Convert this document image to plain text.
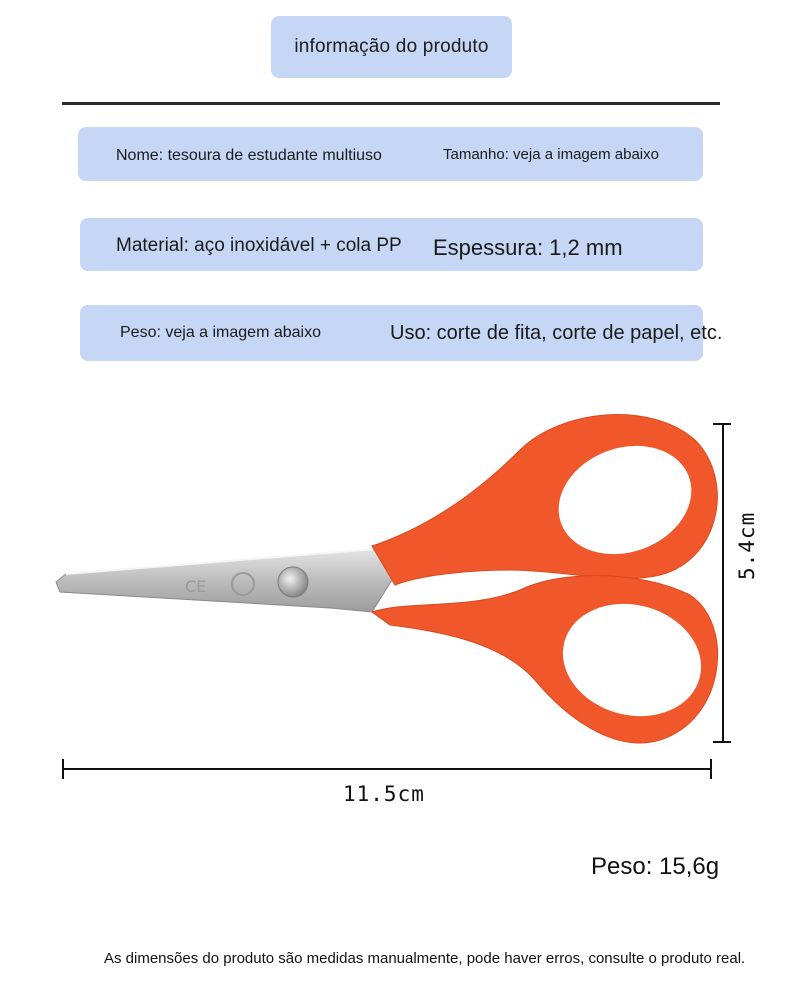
informação do produto
Nome: tesoura de estudante multiuso	Tamanho: veja a imagem abaixo
Material: aço inoxidável + cola PP Espessura: 1,2 mm
Peso: veja a imagem abaixo	Uso: corte de fita, corte de papel, etc.
CE
11.5cm
5.4cm
Peso: 15,6g
As dimensões do produto são medidas manualmente, pode haver erros, consulte o produto real.
